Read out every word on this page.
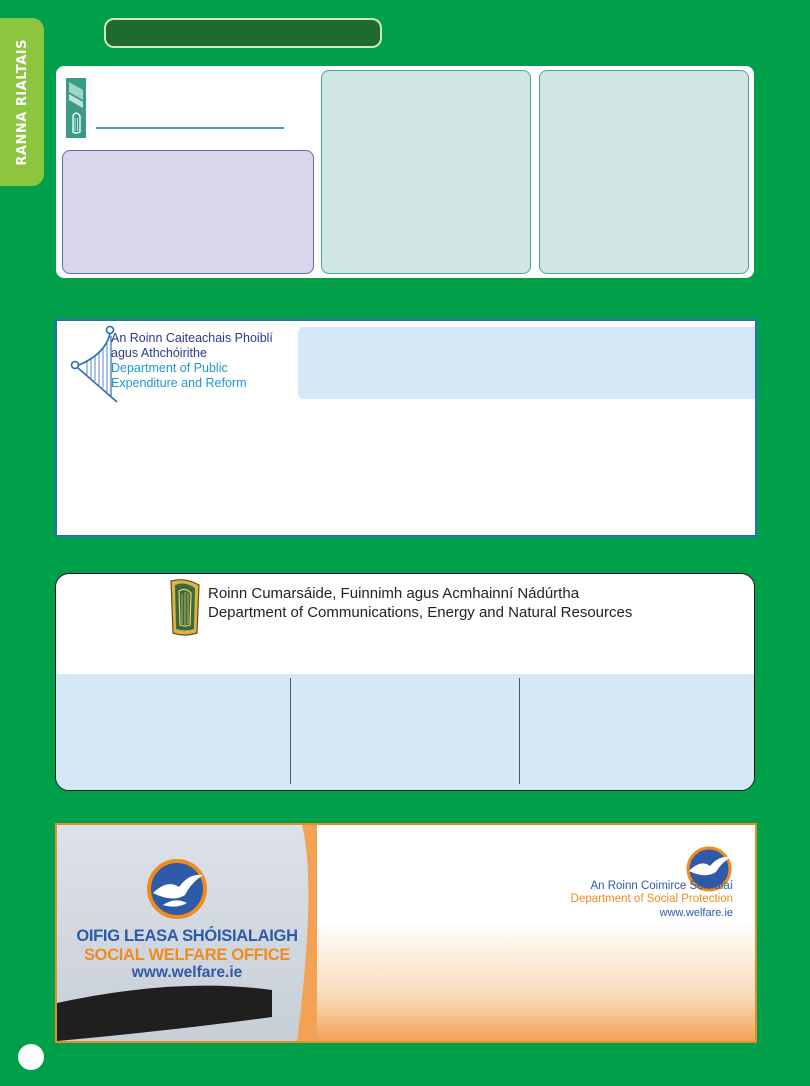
RANNA RIALTAIS
An Roinn Caiteachais Phoiblí
agus Athchóirithe
Department of Public
Expenditure and Reform
Roinn Cumarsáide, Fuinnimh agus Acmhainní Nádúrtha
Department of Communications, Energy and Natural Resources
OIFIG LEASA SHÓISIALAIGH
SOCIAL WELFARE OFFICE
www.welfare.ie
An Roinn Coimirce Sóisialaí
Department of Social Protection
www.welfare.ie
